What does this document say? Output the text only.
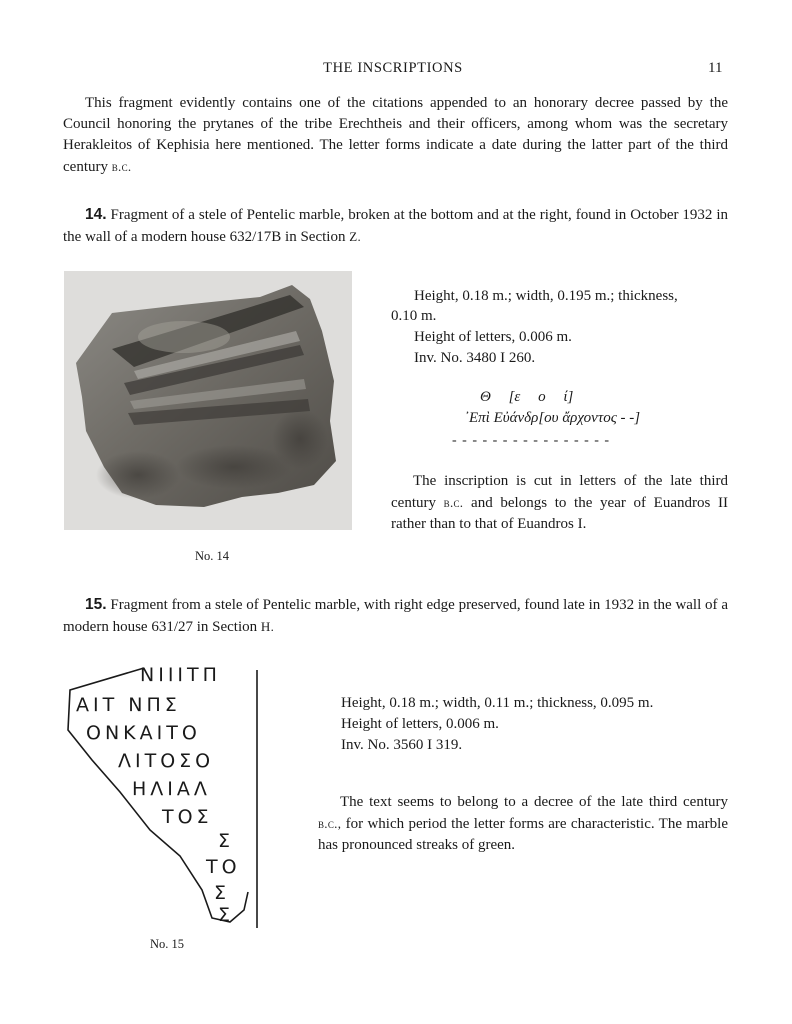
THE INSCRIPTIONS	11
This fragment evidently contains one of the citations appended to an honorary decree passed by the Council honoring the prytanes of the tribe Erechtheis and their officers, among whom was the secretary Herakleitos of Kephisia here mentioned. The letter forms indicate a date during the latter part of the third century b.c.
14. Fragment of a stele of Pentelic marble, broken at the bottom and at the right, found in October 1932 in the wall of a modern house 632/17B in Section Z.
No. 14
Height, 0.18 m.; width, 0.195 m.; thickness,
0.10 m.
Height of letters, 0.006 m.
Inv. No. 3480 I 260.
Θ [ε ο ί]
᾿Επὶ Εὐάνδρ[ου ἄρχοντος - -]
- - - - - - - - - - - - - - - -
The inscription is cut in letters of the late third century b.c. and belongs to the year of Euandros II rather than to that of Euandros I.
15. Fragment from a stele of Pentelic marble, with right edge preserved, found late in 1932 in the wall of a modern house 631/27 in Section H.
ΝΙΙΙΤΠ
ΑΙΤ ΝΠΣ
ΟΝΚΑΙΤΟ
ΛΙΤΟΣΟ
ΗΛΙΑΛ
ΤΟΣ
Σ
ΤΟ
Σ
Σ
No. 15
Height, 0.18 m.; width, 0.11 m.; thickness, 0.095 m.
Height of letters, 0.006 m.
Inv. No. 3560 I 319.
The text seems to belong to a decree of the late third century b.c., for which period the letter forms are characteristic. The marble has pronounced streaks of green.
